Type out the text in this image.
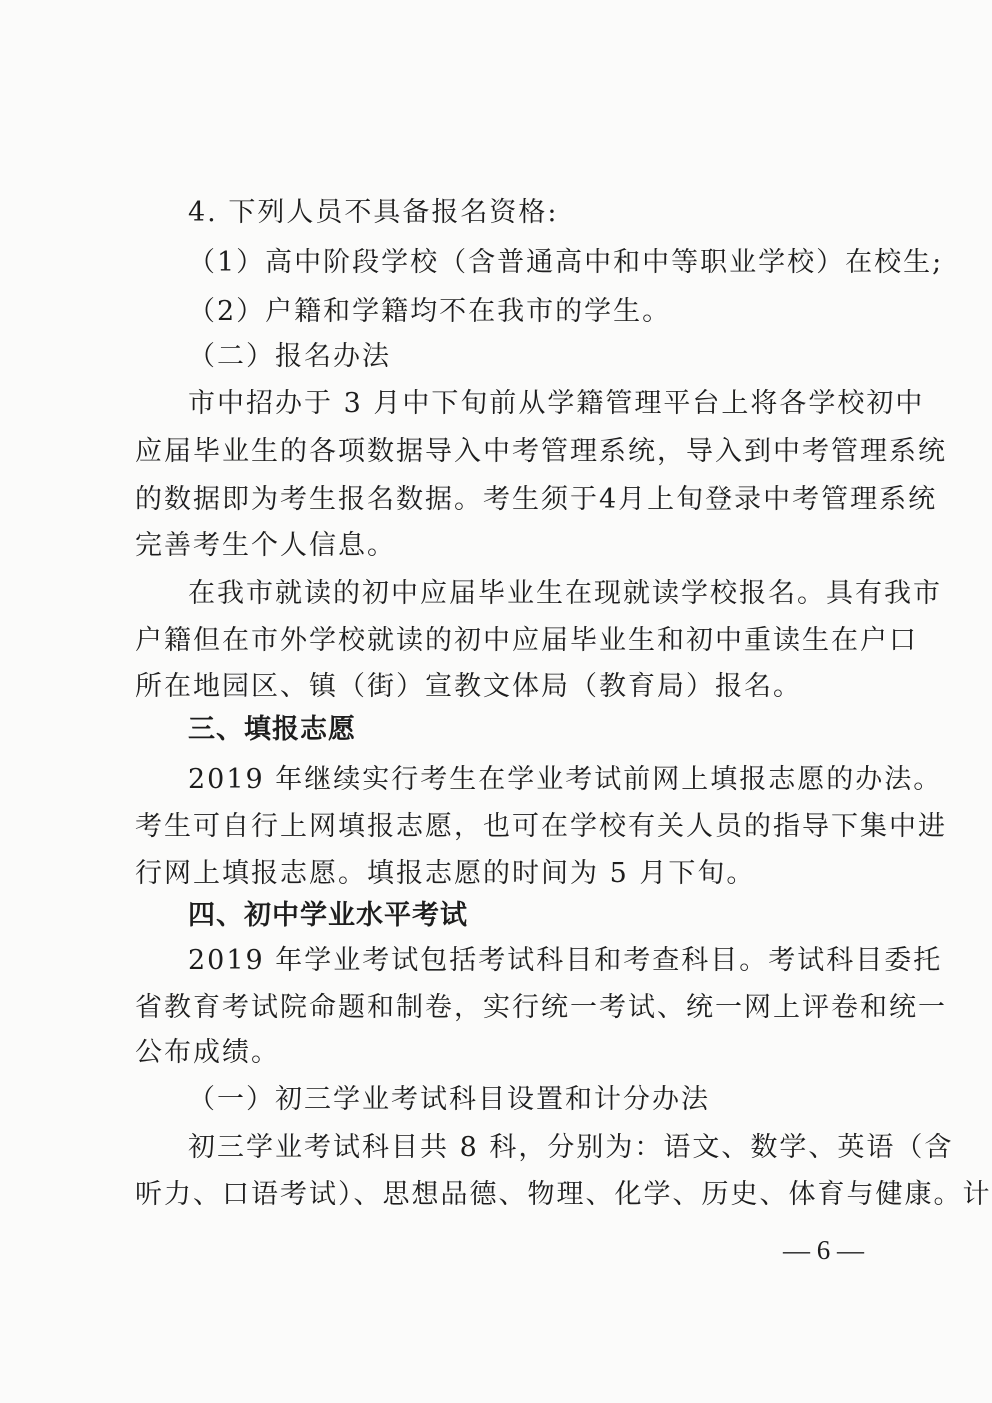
4. 下列人员不具备报名资格:
（1）高中阶段学校（含普通高中和中等职业学校）在校生;
（2）户籍和学籍均不在我市的学生。
（二）报名办法
市中招办于 3 月中下旬前从学籍管理平台上将各学校初中
应届毕业生的各项数据导入中考管理系统，导入到中考管理系统
的数据即为考生报名数据。考生须于4月上旬登录中考管理系统
完善考生个人信息。
在我市就读的初中应届毕业生在现就读学校报名。具有我市
户籍但在市外学校就读的初中应届毕业生和初中重读生在户口
所在地园区、镇（街）宣教文体局（教育局）报名。
三、填报志愿
2019 年继续实行考生在学业考试前网上填报志愿的办法。
考生可自行上网填报志愿，也可在学校有关人员的指导下集中进
行网上填报志愿。填报志愿的时间为 5 月下旬。
四、初中学业水平考试
2019 年学业考试包括考试科目和考查科目。考试科目委托
省教育考试院命题和制卷，实行统一考试、统一网上评卷和统一
公布成绩。
（一）初三学业考试科目设置和计分办法
初三学业考试科目共 8 科，分别为：语文、数学、英语（含
听力、口语考试）、思想品德、物理、化学、历史、体育与健康。计
— 6 —
